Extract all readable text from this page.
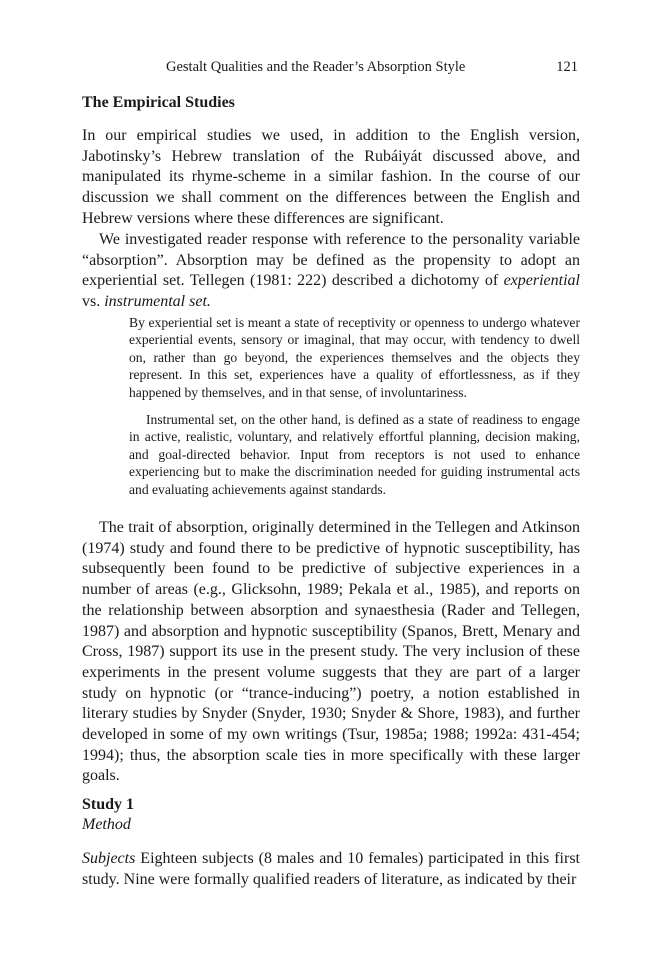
Gestalt Qualities and the Reader’s Absorption Style	121
The Empirical Studies

In our empirical studies we used, in addition to the English version, Jabotinsky’s Hebrew translation of the Rubáiyát discussed above, and manipulated its rhyme-scheme in a similar fashion. In the course of our discussion we shall comment on the differences between the English and Hebrew versions where these differences are significant.

We investigated reader response with reference to the personality variable “absorption”. Absorption may be defined as the propensity to adopt an experiential set. Tellegen (1981: 222) described a dichotomy of experiential vs. instrumental set.

By experiential set is meant a state of receptivity or openness to undergo whatever experiential events, sensory or imaginal, that may occur, with tendency to dwell on, rather than go beyond, the experiences themselves and the objects they represent. In this set, experiences have a quality of effortlessness, as if they happened by themselves, and in that sense, of involuntariness.

Instrumental set, on the other hand, is defined as a state of readiness to engage in active, realistic, voluntary, and relatively effortful planning, decision making, and goal-directed behavior. Input from receptors is not used to enhance experiencing but to make the discrimination needed for guiding instrumental acts and evaluating achievements against standards.

The trait of absorption, originally determined in the Tellegen and Atkinson (1974) study and found there to be predictive of hypnotic susceptibility, has subsequently been found to be predictive of subjective experiences in a number of areas (e.g., Glicksohn, 1989; Pekala et al., 1985), and reports on the relationship between absorption and synaesthesia (Rader and Tellegen, 1987) and absorption and hypnotic susceptibility (Spanos, Brett, Menary and Cross, 1987) support its use in the present study. The very inclusion of these experiments in the present volume suggests that they are part of a larger study on hypnotic (or “trance-inducing”) poetry, a notion established in literary studies by Snyder (Snyder, 1930; Snyder & Shore, 1983), and further developed in some of my own writings (Tsur, 1985a; 1988; 1992a: 431-454; 1994); thus, the absorption scale ties in more specifically with these larger goals.

Study 1
Method

Subjects Eighteen subjects (8 males and 10 females) participated in this first study. Nine were formally qualified readers of literature, as indicated by their
